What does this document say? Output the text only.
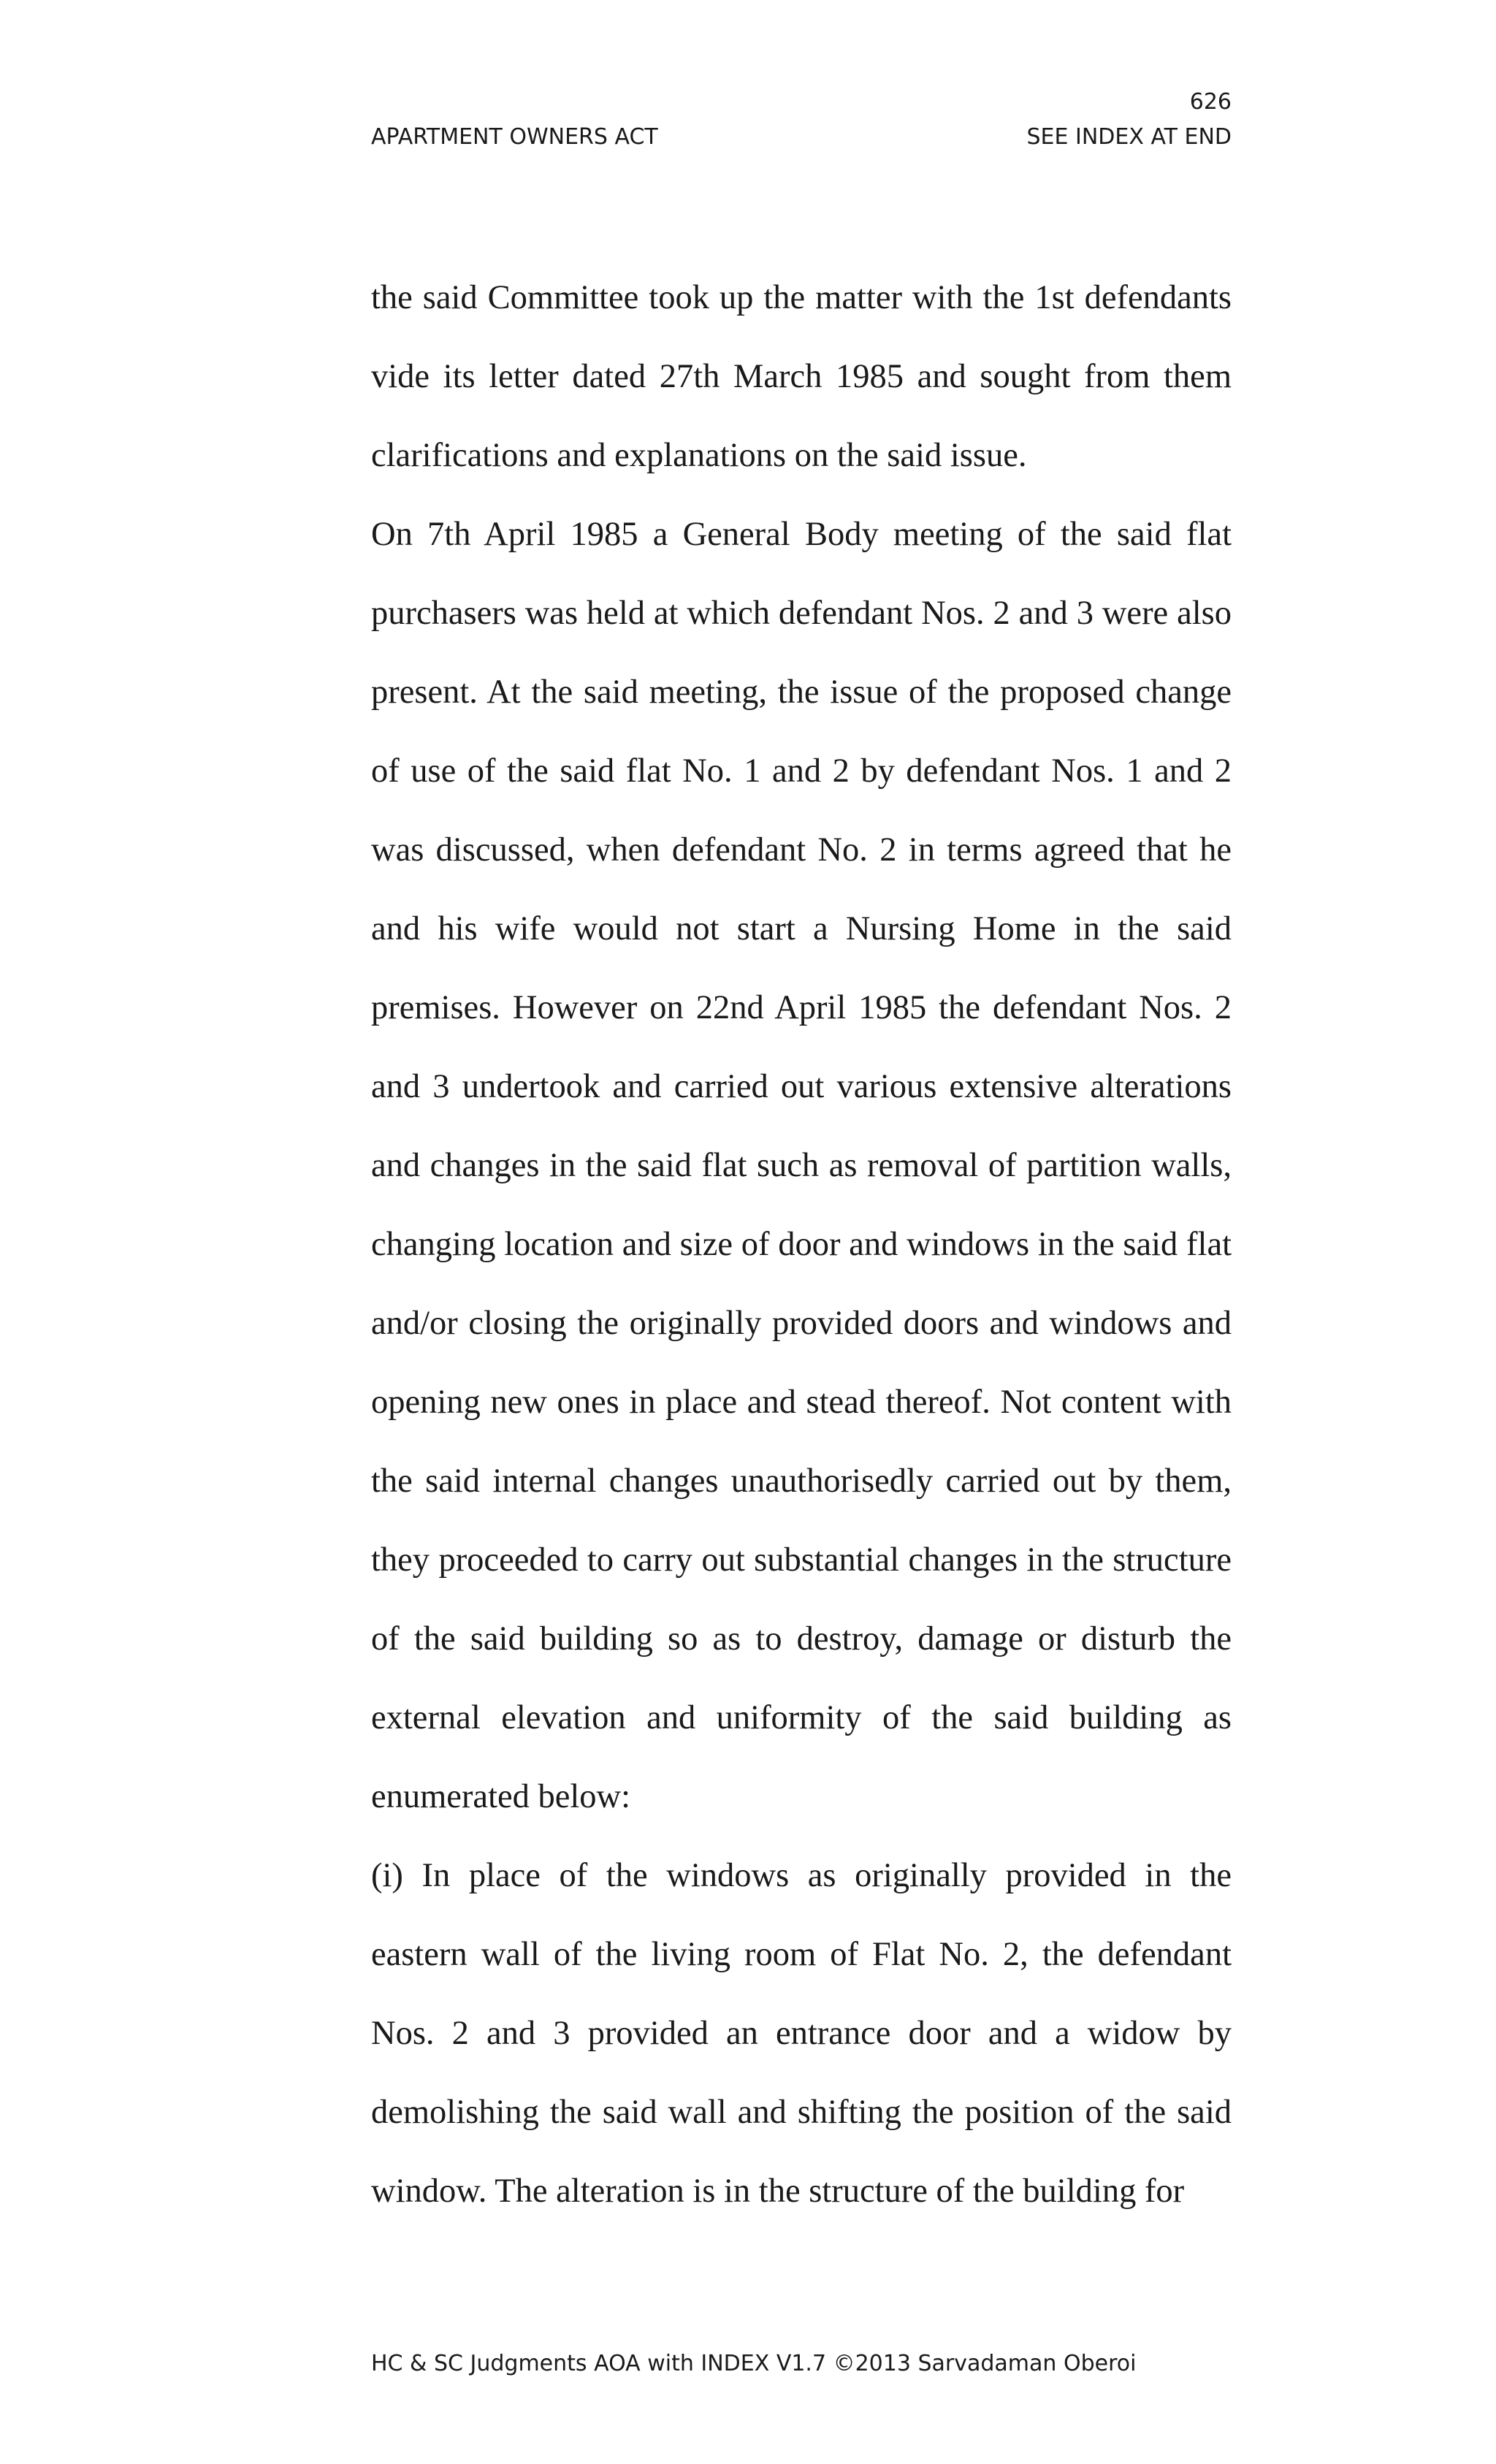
626
APARTMENT OWNERS ACT	SEE INDEX AT END

the said Committee took up the matter with the 1st defendants vide its letter dated 27th March 1985 and sought from them clarifications and explanations on the said issue.

On 7th April 1985 a General Body meeting of the said flat purchasers was held at which defendant Nos. 2 and 3 were also present. At the said meeting, the issue of the proposed change of use of the said flat No. 1 and 2 by defendant Nos. 1 and 2 was discussed, when defendant No. 2 in terms agreed that he and his wife would not start a Nursing Home in the said premises. However on 22nd April 1985 the defendant Nos. 2 and 3 undertook and carried out various extensive alterations and changes in the said flat such as removal of partition walls, changing location and size of door and windows in the said flat and/or closing the originally provided doors and windows and opening new ones in place and stead thereof. Not content with the said internal changes unauthorisedly carried out by them, they proceeded to carry out substantial changes in the structure of the said building so as to destroy, damage or disturb the external elevation and uniformity of the said building as enumerated below:

(i) In place of the windows as originally provided in the eastern wall of the living room of Flat No. 2, the defendant Nos. 2 and 3 provided an entrance door and a widow by demolishing the said wall and shifting the position of the said window. The alteration is in the structure of the building for

HC & SC Judgments AOA with INDEX V1.7 ©2013 Sarvadaman Oberoi
